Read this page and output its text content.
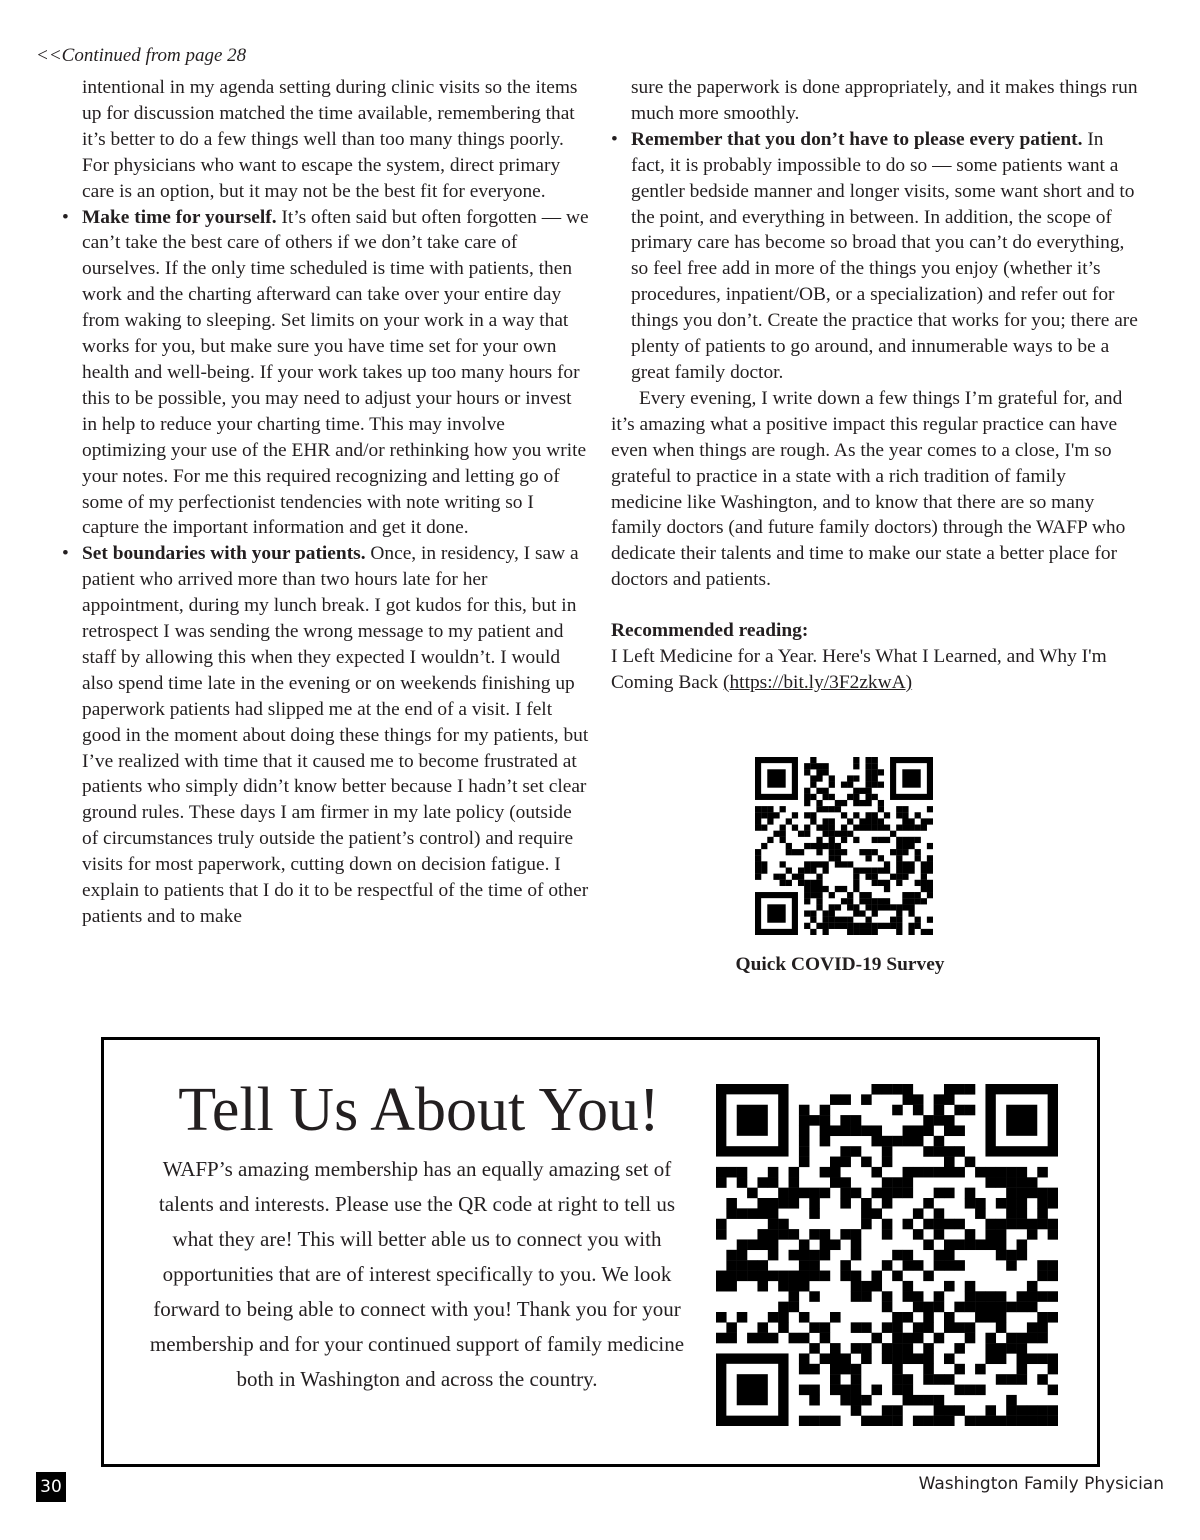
<<Continued from page 28

intentional in my agenda setting during clinic visits so the items up for discussion matched the time available, remembering that it’s better to do a few things well than too many things poorly. For physicians who want to escape the system, direct primary care is an option, but it may not be the best fit for everyone.

• Make time for yourself. It’s often said but often forgotten — we can’t take the best care of others if we don’t take care of ourselves. If the only time scheduled is time with patients, then work and the charting afterward can take over your entire day from waking to sleeping. Set limits on your work in a way that works for you, but make sure you have time set for your own health and well-being. If your work takes up too many hours for this to be possible, you may need to adjust your hours or invest in help to reduce your charting time. This may involve optimizing your use of the EHR and/or rethinking how you write your notes. For me this required recognizing and letting go of some of my perfectionist tendencies with note writing so I capture the important information and get it done.

• Set boundaries with your patients. Once, in residency, I saw a patient who arrived more than two hours late for her appointment, during my lunch break. I got kudos for this, but in retrospect I was sending the wrong message to my patient and staff by allowing this when they expected I wouldn’t. I would also spend time late in the evening or on weekends finishing up paperwork patients had slipped me at the end of a visit. I felt good in the moment about doing these things for my patients, but I’ve realized with time that it caused me to become frustrated at patients who simply didn’t know better because I hadn’t set clear ground rules. These days I am firmer in my late policy (outside of circumstances truly outside the patient’s control) and require visits for most paperwork, cutting down on decision fatigue. I explain to patients that I do it to be respectful of the time of other patients and to make

sure the paperwork is done appropriately, and it makes things run much more smoothly.

• Remember that you don’t have to please every patient. In fact, it is probably impossible to do so — some patients want a gentler bedside manner and longer visits, some want short and to the point, and everything in between. In addition, the scope of primary care has become so broad that you can’t do everything, so feel free add in more of the things you enjoy (whether it’s procedures, inpatient/OB, or a specialization) and refer out for things you don’t. Create the practice that works for you; there are plenty of patients to go around, and innumerable ways to be a great family doctor.

Every evening, I write down a few things I’m grateful for, and it’s amazing what a positive impact this regular practice can have even when things are rough. As the year comes to a close, I'm so grateful to practice in a state with a rich tradition of family medicine like Washington, and to know that there are so many family doctors (and future family doctors) through the WAFP who dedicate their talents and time to make our state a better place for doctors and patients.

Recommended reading:

I Left Medicine for a Year. Here's What I Learned, and Why I'm Coming Back (https://bit.ly/3F2zkwA)

Quick COVID-19 Survey
Tell Us About You!
WAFP’s amazing membership has an equally amazing set of talents and interests. Please use the QR code at right to tell us what they are! This will better able us to connect you with opportunities that are of interest specifically to you. We look forward to being able to connect with you! Thank you for your membership and for your continued support of family medicine both in Washington and across the country.
30	Washington Family Physician
